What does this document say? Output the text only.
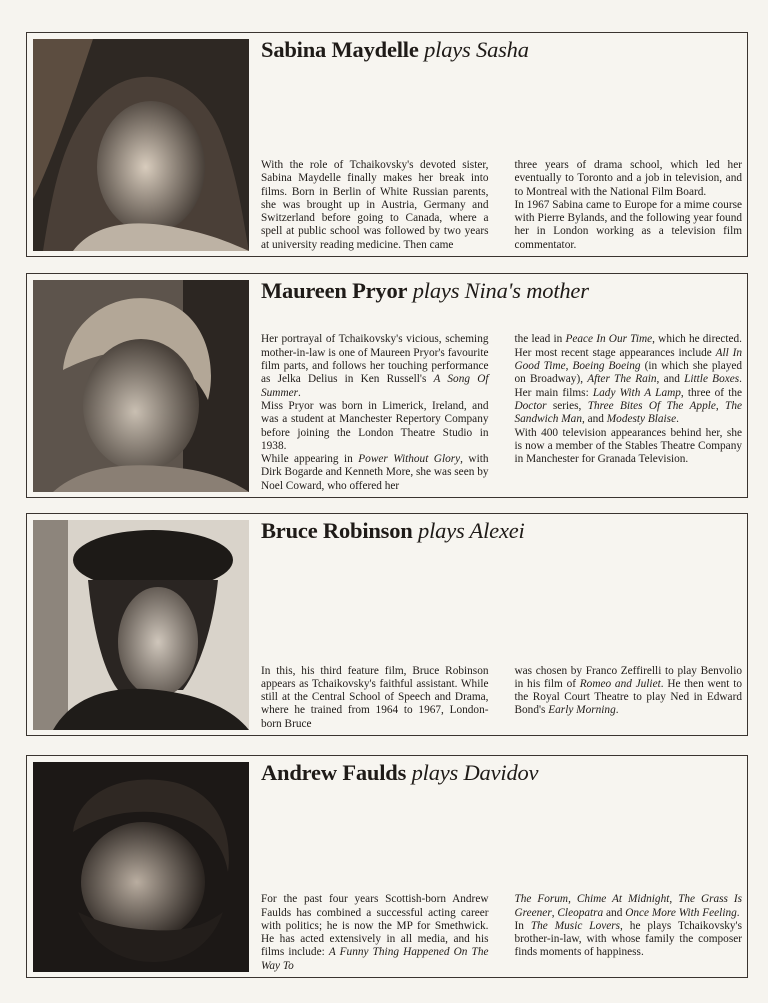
Sabina Maydelle plays Sasha

With the role of Tchaikovsky's devoted sister, Sabina Maydelle finally makes her break into films. Born in Berlin of White Russian parents, she was brought up in Austria, Germany and Switzerland before going to Canada, where a spell at public school was followed by two years at university reading medicine. Then came

three years of drama school, which led her eventually to Toronto and a job in television, and to Montreal with the National Film Board.

In 1967 Sabina came to Europe for a mime course with Pierre Bylands, and the following year found her in London working as a television film commentator.

Maureen Pryor plays Nina's mother

Her portrayal of Tchaikovsky's vicious, scheming mother-in-law is one of Maureen Pryor's favourite film parts, and follows her touching performance as Jelka Delius in Ken Russell's A Song Of Summer.

Miss Pryor was born in Limerick, Ireland, and was a student at Manchester Repertory Company before joining the London Theatre Studio in 1938.

While appearing in Power Without Glory, with Dirk Bogarde and Kenneth More, she was seen by Noel Coward, who offered her

the lead in Peace In Our Time, which he directed. Her most recent stage appearances include All In Good Time, Boeing Boeing (in which she played on Broadway), After The Rain, and Little Boxes. Her main films: Lady With A Lamp, three of the Doctor series, Three Bites Of The Apple, The Sandwich Man, and Modesty Blaise.

With 400 television appearances behind her, she is now a member of the Stables Theatre Company in Manchester for Granada Television.

Bruce Robinson plays Alexei

In this, his third feature film, Bruce Robinson appears as Tchaikovsky's faithful assistant. While still at the Central School of Speech and Drama, where he trained from 1964 to 1967, London-born Bruce

was chosen by Franco Zeffirelli to play Benvolio in his film of Romeo and Juliet. He then went to the Royal Court Theatre to play Ned in Edward Bond's Early Morning.

Andrew Faulds plays Davidov

For the past four years Scottish-born Andrew Faulds has combined a successful acting career with politics; he is now the MP for Smethwick. He has acted extensively in all media, and his films include: A Funny Thing Happened On The Way To

The Forum, Chime At Midnight, The Grass Is Greener, Cleopatra and Once More With Feeling.

In The Music Lovers, he plays Tchaikovsky's brother-in-law, with whose family the composer finds moments of happiness.
